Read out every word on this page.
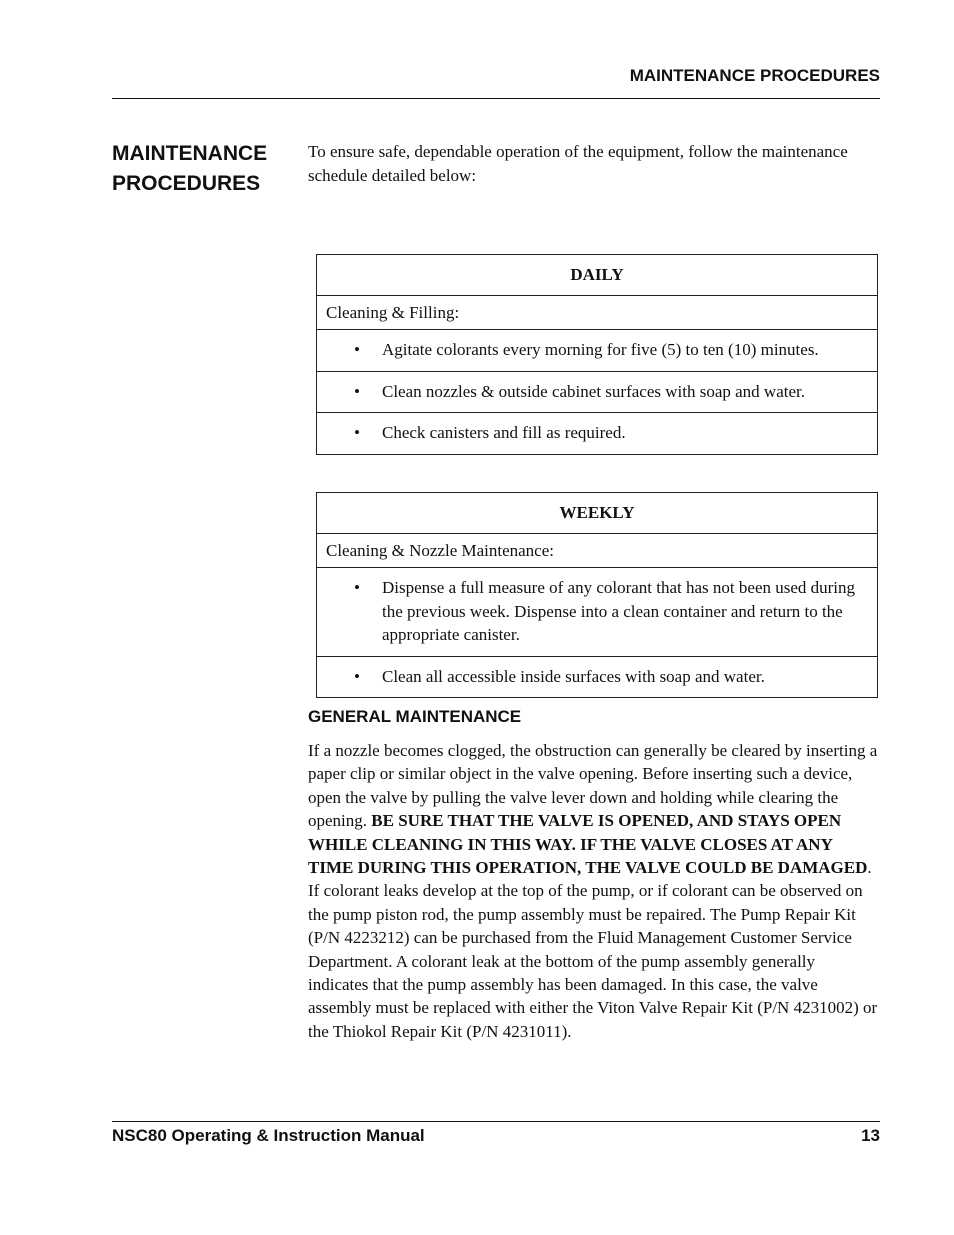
MAINTENANCE PROCEDURES
MAINTENANCE
PROCEDURES
To ensure safe, dependable operation of the equipment, follow the maintenance schedule detailed below:
DAILY
Cleaning & Filling:

• Agitate colorants every morning for five (5) to ten (10) minutes.

• Clean nozzles & outside cabinet surfaces with soap and water.

• Check canisters and fill as required.
WEEKLY
Cleaning & Nozzle Maintenance:

• Dispense a full measure of any colorant that has not been used during the previous week. Dispense into a clean container and return to the appropriate canister.

• Clean all accessible inside surfaces with soap and water.
GENERAL MAINTENANCE
If a nozzle becomes clogged, the obstruction can generally be cleared by inserting a paper clip or similar object in the valve opening. Before inserting such a device, open the valve by pulling the valve lever down and holding while clearing the opening. BE SURE THAT THE VALVE IS OPENED, AND STAYS OPEN WHILE CLEANING IN THIS WAY. IF THE VALVE CLOSES AT ANY TIME DURING THIS OPERATION, THE VALVE COULD BE DAMAGED. If colorant leaks develop at the top of the pump, or if colorant can be observed on the pump piston rod, the pump assembly must be repaired. The Pump Repair Kit (P/N 4223212) can be purchased from the Fluid Management Customer Service Department. A colorant leak at the bottom of the pump assembly generally indicates that the pump assembly has been damaged. In this case, the valve assembly must be replaced with either the Viton Valve Repair Kit (P/N 4231002) or the Thiokol Repair Kit (P/N 4231011).
NSC80 Operating & Instruction Manual	13
